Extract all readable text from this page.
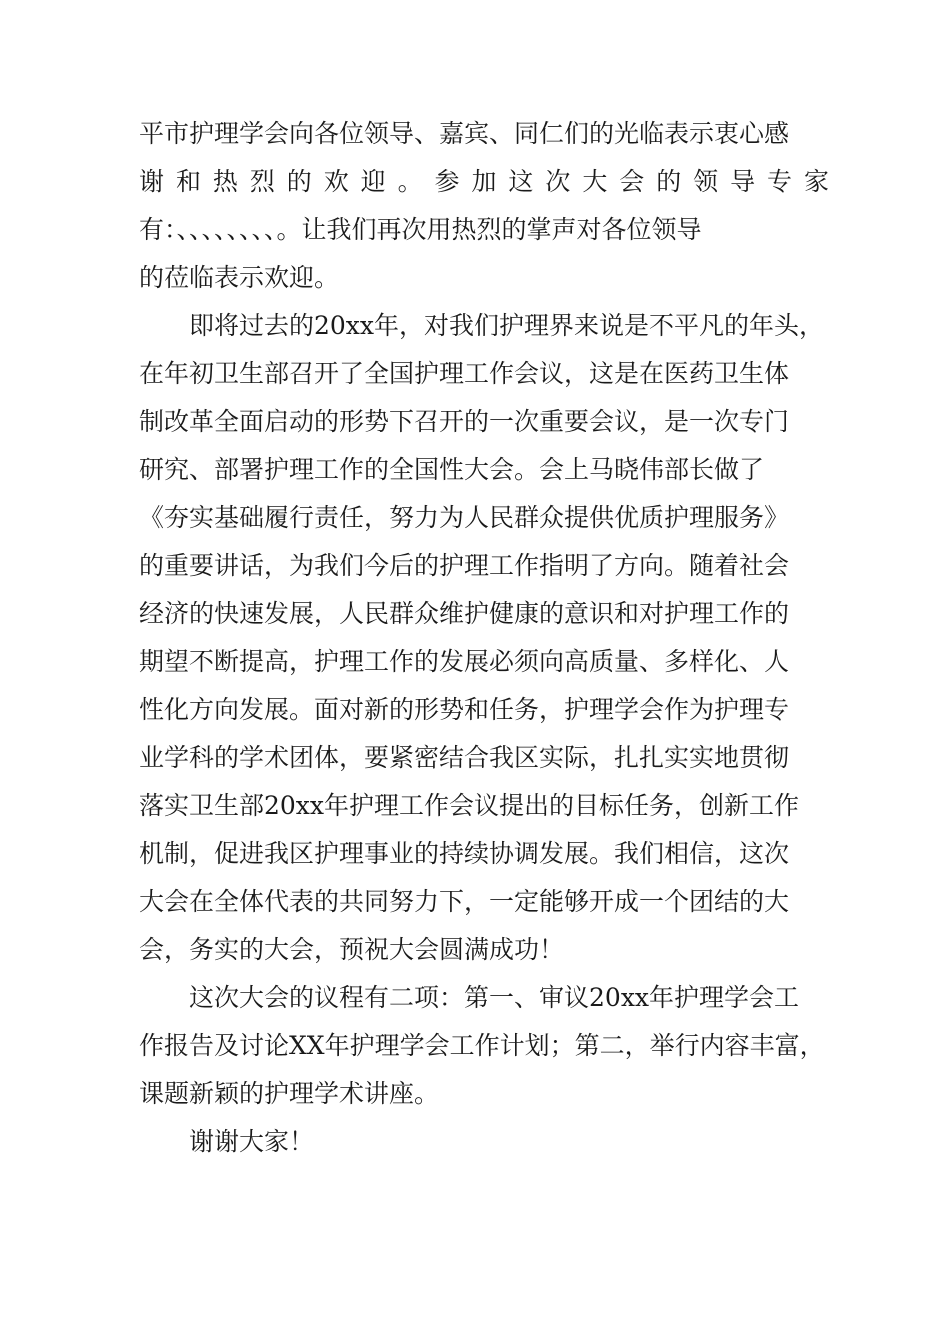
平市护理学会向各位领导、嘉宾、同仁们的光临表示衷心感
谢和热烈的欢迎。参加这次大会的领导专家
有：、、、、、、、、。让我们再次用热烈的掌声对各位领导
的莅临表示欢迎。
即将过去的20xx年，对我们护理界来说是不平凡的年头，
在年初卫生部召开了全国护理工作会议，这是在医药卫生体
制改革全面启动的形势下召开的一次重要会议，是一次专门
研究、部署护理工作的全国性大会。会上马晓伟部长做了
《夯实基础履行责任，努力为人民群众提供优质护理服务》
的重要讲话，为我们今后的护理工作指明了方向。随着社会
经济的快速发展，人民群众维护健康的意识和对护理工作的
期望不断提高，护理工作的发展必须向高质量、多样化、人
性化方向发展。面对新的形势和任务，护理学会作为护理专
业学科的学术团体，要紧密结合我区实际，扎扎实实地贯彻
落实卫生部20xx年护理工作会议提出的目标任务，创新工作
机制，促进我区护理事业的持续协调发展。我们相信，这次
大会在全体代表的共同努力下，一定能够开成一个团结的大
会，务实的大会，预祝大会圆满成功！
这次大会的议程有二项：第一、审议20xx年护理学会工
作报告及讨论XX年护理学会工作计划；第二，举行内容丰富，
课题新颖的护理学术讲座。
谢谢大家！
